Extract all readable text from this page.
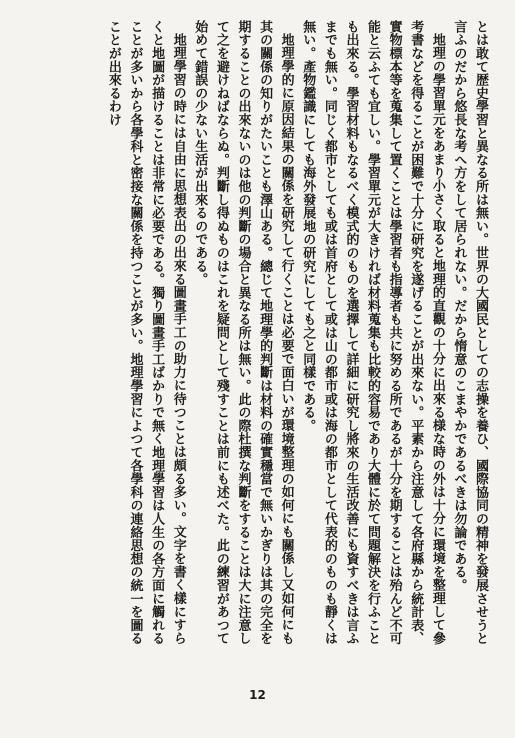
とは敢て歴史學習と異なる所は無い。世界の大國民としての志操を養ひ、國際協同の精神を發展させうと言ふのだから悠長な考へ方をして居られない。だから惰意のこまやかであるべきは勿論である。

地理の學習單元をあまり小さく取ると地理的直觀の十分に出來る様な時の外は十分に環境を整理して參考書などを得ることが困難で十分に研究を遂げることが出來ない。平素から注意して各府縣から統計表、實物標本等を蒐集して置くことは學習者も指導者も共に努める所であるが十分を期することは殆んど不可能と云ふても宜しい。學習單元が大きければ材料蒐集も比較的容易であり大體に於て問題解決を行ふことも出來る。學習材料もなるべく模式的のものを選擇して詳細に研究し將來の生活改善にも資すべきは言ふまでも無い。同じく都市としても或は首府として或は山の都市或は海の都市として代表的のものも靜くは無い。產物鑑識にしても海外發展地の研究にしても之と同樣である。

地理學的に原因結果の關係を研究して行くことは必要で面白いが環境整理の如何にも關係し又如何にも其の關係の知りがたいことも澤山ある。總じて地理學的判斷は材料の確實穩當で無いかぎりは其の完全を期することの出來ないのは他の判斷の場合と異なる所は無い。此の際杜撰な判斷をすることは大に注意して之を避けねばならぬ。判斷し得ぬものはこれを疑問として殘すことは前にも述べた。此の練習があつて始めて錯誤の少ない生活が出來るのである。

地理學習の時には自由に思想表出の出來る圖畫手工の助力に待つことは頗る多い。文字を書く樣にすらくと地圖が描けることは非常に必要である。獨り圖畫手工ばかりで無く地理學習は人生の各方面に觸れることが多いから各學科と密接な關係を持つことが多い。地理學習によつて各學科の連絡思想の統一を圖ることが出來るわけ

12
